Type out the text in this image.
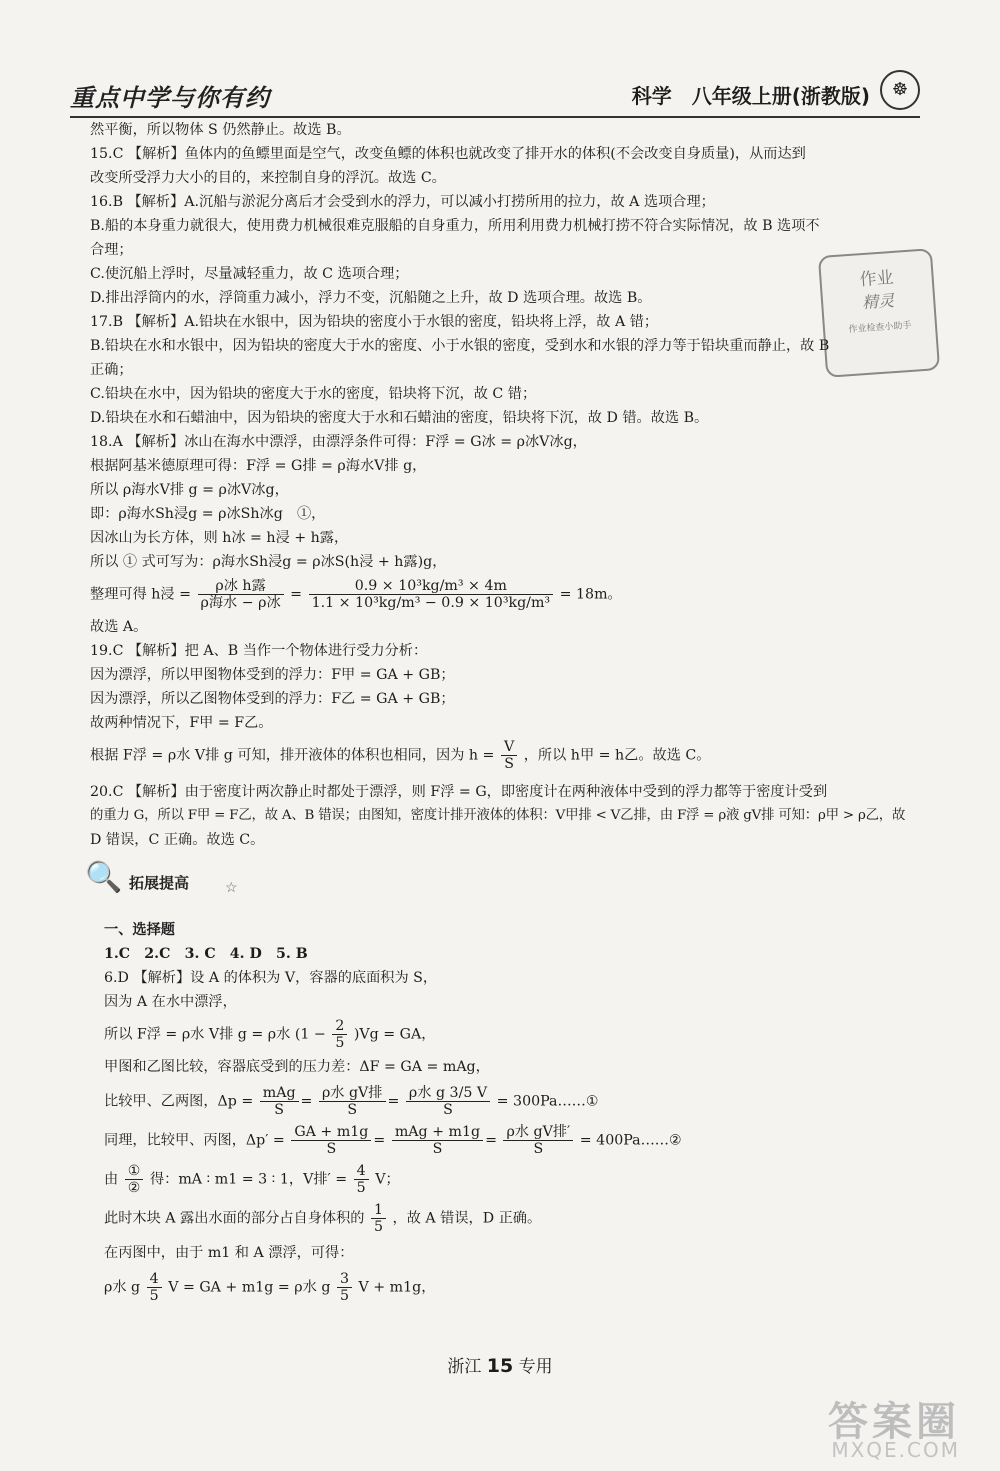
重点中学与你有约	科学　八年级上册(浙教版)	☸
作业
精灵
作业检查小助手

然平衡，所以物体 S 仍然静止。故选 B。

15.C 【解析】鱼体内的鱼鳔里面是空气，改变鱼鳔的体积也就改变了排开水的体积(不会改变自身质量)，从而达到

改变所受浮力大小的目的，来控制自身的浮沉。故选 C。

16.B 【解析】A.沉船与淤泥分离后才会受到水的浮力，可以减小打捞所用的拉力，故 A 选项合理；

B.船的本身重力就很大，使用费力机械很难克服船的自身重力，所用利用费力机械打捞不符合实际情况，故 B 选项不

合理；

C.使沉船上浮时，尽量减轻重力，故 C 选项合理；

D.排出浮筒内的水，浮筒重力减小，浮力不变，沉船随之上升，故 D 选项合理。故选 B。

17.B 【解析】A.铅块在水银中，因为铅块的密度小于水银的密度，铅块将上浮，故 A 错；

B.铅块在水和水银中，因为铅块的密度大于水的密度、小于水银的密度，受到水和水银的浮力等于铅块重而静止，故 B

正确；

C.铅块在水中，因为铅块的密度大于水的密度，铅块将下沉，故 C 错；

D.铅块在水和石蜡油中，因为铅块的密度大于水和石蜡油的密度，铅块将下沉，故 D 错。故选 B。

18.A 【解析】冰山在海水中漂浮，由漂浮条件可得：F浮 = G冰 = ρ冰V冰g，

根据阿基米德原理可得：F浮 = G排 = ρ海水V排 g，

所以 ρ海水V排 g = ρ冰V冰g，

即：ρ海水Sh浸g = ρ冰Sh冰g　①，

因冰山为长方体，则 h冰 = h浸 + h露，

所以 ① 式可写为：ρ海水Sh浸g = ρ冰S(h浸 + h露)g，

整理可得 h浸 = $\frac{\text{ρ冰 h露}}{\text{ρ海水 − ρ冰}} = \frac{\text{0.9 × 10³kg/m³ × 4m}}{\text{1.1 × 10³kg/m³ − 0.9 × 10³kg/m³}} = 18m$。

故选 A。

19.C 【解析】把 A、B 当作一个物体进行受力分析：

因为漂浮，所以甲图物体受到的浮力：F甲 = GA + GB；

因为漂浮，所以乙图物体受到的浮力：F乙 = GA + GB；

故两种情况下，F甲 = F乙。

根据 F浮 = ρ水 V排 g 可知，排开液体的体积也相同，因为 $h = \frac{V}{S}$ ，所以 h甲 = h乙。故选 C。

20.C 【解析】由于密度计两次静止时都处于漂浮，则 F浮 = G，即密度计在两种液体中受到的浮力都等于密度计受到

的重力 G，所以 F甲 = F乙，故 A、B 错误；由图知，密度计排开液体的体积：V甲排 < V乙排，由 F浮 = ρ液 gV排 可知：ρ甲 > ρ乙，故

D 错误，C 正确。故选 C。

🔍 拓展提高	☆

一、选择题

1.C　2.C　3. C　4. D　5. B

6.D 【解析】设 A 的体积为 V，容器的底面积为 S，

因为 A 在水中漂浮，

所以 F浮 = ρ水 V排 g = ρ水 $(1 - \frac{2}{5} )Vg$ = GA，

甲图和乙图比较，容器底受到的压力差：ΔF = GA = mAg，

比较甲、乙两图，$\Delta p = \frac{\text{mAg}}{S} = \frac{\text{ρ水 gV排}}{S} = \frac{\text{ρ水 g 3/5 V}}{S}$ = 300Pa……①

同理，比较甲、丙图，$\Delta p' = \frac{GA + m1g}{S} = \frac{\text{mAg + m1g}}{S} = \frac{\text{ρ水 gV排′}}{S}$ = 400Pa……②

由 $\frac{\text{①}}{\text{②}}$ 得：mA ∶ m1 = 3 ∶ 1，V排′ = $\frac{4}{5}$ V；

此时木块 A 露出水面的部分占自身体积的 $\frac{1}{5}$ ，故 A 错误，D 正确。

在丙图中，由于 m1 和 A 漂浮，可得：

ρ水 g $\frac{4}{5}$ V = GA + m1g = ρ水 g $\frac{3}{5}$ V + m1g，

浙江 15 专用
答案圈
MXQE.COM
